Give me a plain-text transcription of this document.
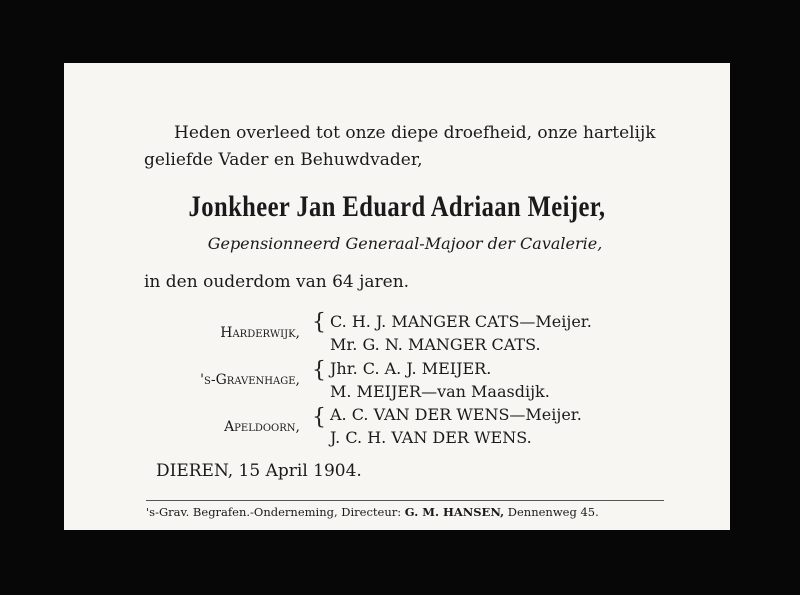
Heden overleed tot onze diepe droefheid, onze hartelijk
geliefde Vader en Behuwdvader,
Jonkheer Jan Eduard Adriaan Meijer,
Gepensionneerd Generaal-Majoor der Cavalerie,
in den ouderdom van 64 jaren.
Harderwijk, { C. H. J. MANGER CATS—Meijer.
Mr. G. N. MANGER CATS.
's-Gravenhage, { Jhr. C. A. J. MEIJER.
M. MEIJER—van Maasdijk.
Apeldoorn, { A. C. VAN DER WENS—Meijer.
J. C. H. VAN DER WENS.
DIEREN, 15 April 1904.
's-Grav. Begrafen.-Onderneming, Directeur: G. M. HANSEN, Dennenweg 45.
